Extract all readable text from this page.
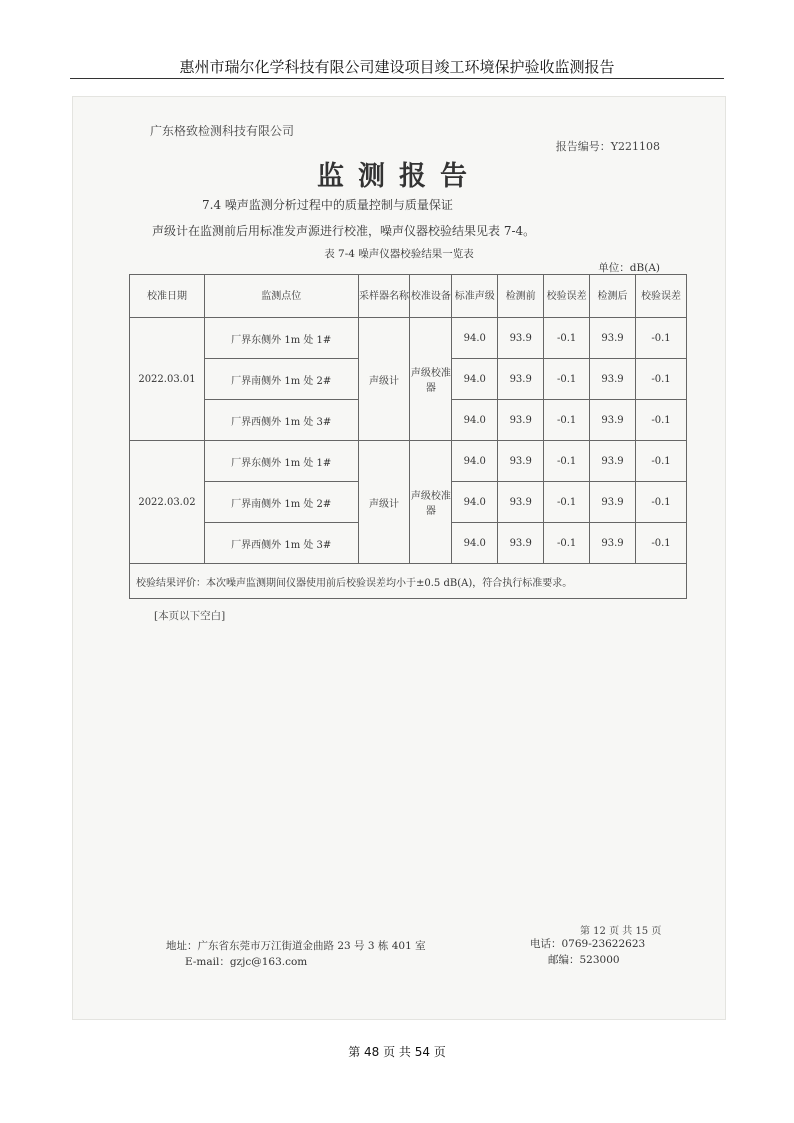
惠州市瑞尔化学科技有限公司建设项目竣工环境保护验收监测报告
广东格致检测科技有限公司
报告编号：Y221108
监测报告
7.4 噪声监测分析过程中的质量控制与质量保证
声级计在监测前后用标准发声源进行校准，噪声仪器校验结果见表 7-4。
表 7-4 噪声仪器校验结果一览表
单位：dB(A)
校准日期	监测点位	采样器名称	校准设备	标准声级	检测前	校验误差	检测后	校验误差
2022.03.01	厂界东侧外 1m 处 1#	声级计	声级校准器	94.0	93.9	-0.1	93.9	-0.1
	厂界南侧外 1m 处 2#			94.0	93.9	-0.1	93.9	-0.1
	厂界西侧外 1m 处 3#			94.0	93.9	-0.1	93.9	-0.1
2022.03.02	厂界东侧外 1m 处 1#	声级计	声级校准器	94.0	93.9	-0.1	93.9	-0.1
	厂界南侧外 1m 处 2#			94.0	93.9	-0.1	93.9	-0.1
	厂界西侧外 1m 处 3#			94.0	93.9	-0.1	93.9	-0.1
校验结果评价：本次噪声监测期间仪器使用前后校验误差均小于±0.5 dB(A)，符合执行标准要求。								
[本页以下空白]
第 12 页 共 15 页
地址：广东省东莞市万江街道金曲路 23 号 3 栋 401 室
E-mail：gzjc@163.com
电话：0769-23622623
邮编：523000
第 48 页 共 54 页
